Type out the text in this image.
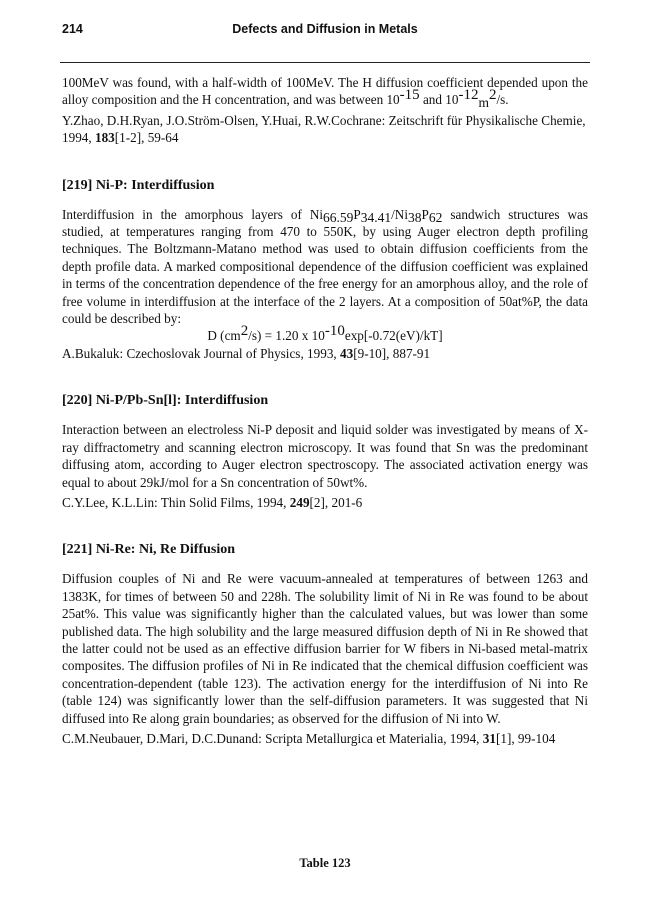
214	Defects and Diffusion in Metals

100MeV was found, with a half-width of 100MeV. The H diffusion coefficient depended upon the alloy composition and the H concentration, and was between $10^{-15}$ and $10^{-12}_m^2/s$.

Y.Zhao, D.H.Ryan, J.O.Ström-Olsen, Y.Huai, R.W.Cochrane: Zeitschrift für Physikalische Chemie, 1994, 183[1-2], 59-64

[219] Ni-P: Interdiffusion

Interdiffusion in the amorphous layers of $Ni_{66.59}P_{34.41}/Ni_{38}P_{62}$ sandwich structures was studied, at temperatures ranging from 470 to 550K, by using Auger electron depth profiling techniques. The Boltzmann-Matano method was used to obtain diffusion coefficients from the depth profile data. A marked compositional dependence of the diffusion coefficient was explained in terms of the concentration dependence of the free energy for an amorphous alloy, and the role of free volume in interdiffusion at the interface of the 2 layers. At a composition of 50at%P, the data could be described by:

D $(cm^2/s) = 1.20$ x $10^{-10}\exp[-0.72(eV)/kT]$

A.Bukaluk: Czechoslovak Journal of Physics, 1993, 43[9-10], 887-91

[220] Ni-P/Pb-Sn[l]: Interdiffusion

Interaction between an electroless Ni-P deposit and liquid solder was investigated by means of X-ray diffractometry and scanning electron microscopy. It was found that Sn was the predominant diffusing atom, according to Auger electron spectroscopy. The associated activation energy was equal to about 29kJ/mol for a Sn concentration of 50wt%.

C.Y.Lee, K.L.Lin: Thin Solid Films, 1994, 249[2], 201-6

[221] Ni-Re: Ni, Re Diffusion

Diffusion couples of Ni and Re were vacuum-annealed at temperatures of between 1263 and 1383K, for times of between 50 and 228h. The solubility limit of Ni in Re was found to be about 25at%. This value was significantly higher than the calculated values, but was lower than some published data. The high solubility and the large measured diffusion depth of Ni in Re showed that the latter could not be used as an effective diffusion barrier for W fibers in Ni-based metal-matrix composites. The diffusion profiles of Ni in Re indicated that the chemical diffusion coefficient was concentration-dependent (table 123). The activation energy for the interdiffusion of Ni into Re (table 124) was significantly lower than the self-diffusion parameters. It was suggested that Ni diffused into Re along grain boundaries; as observed for the diffusion of Ni into W.

C.M.Neubauer, D.Mari, D.C.Dunand: Scripta Metallurgica et Materialia, 1994, 31[1], 99-104

Table 123
